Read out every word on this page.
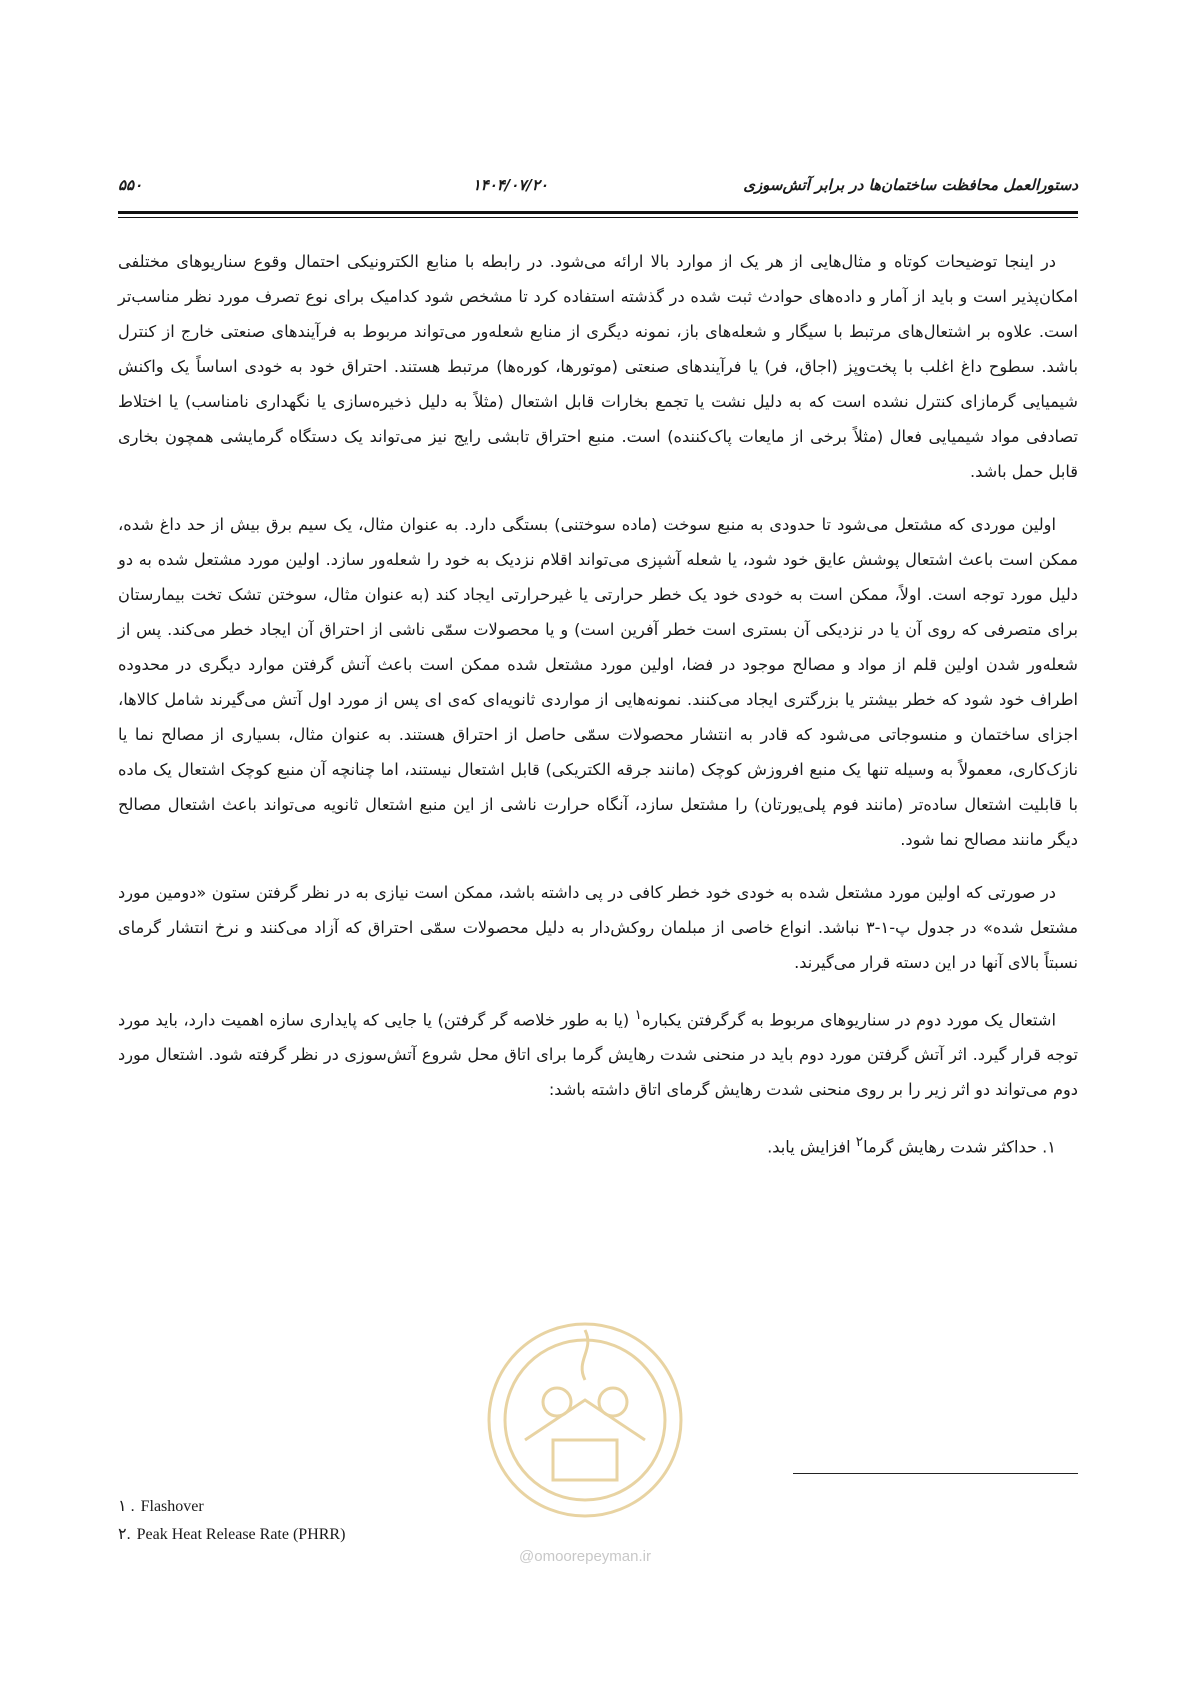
دستورالعمل محافظت ساختمان‌ها در برابر آتش‌سوزی
۱۴۰۴/۰۷/۲۰
۵۵۰

در اینجا توضیحات کوتاه و مثال‌هایی از هر یک از موارد بالا ارائه می‌شود. در رابطه با منابع الکترونیکی احتمال وقوع سناریوهای مختلفی امکان‌پذیر است و باید از آمار و داده‌های حوادث ثبت شده در گذشته استفاده کرد تا مشخص شود کدامیک برای نوع تصرف مورد نظر مناسب‌تر است. علاوه بر اشتعال‌های مرتبط با سیگار و شعله‌های باز، نمونه دیگری از منابع شعله‌ور می‌تواند مربوط به فرآیندهای صنعتی خارج از کنترل باشد. سطوح داغ اغلب با پخت‌وپز (اجاق، فر) یا فرآیندهای صنعتی (موتورها، کوره‌ها) مرتبط هستند. احتراق خود به خودی اساساً یک واکنش شیمیایی گرمازای کنترل نشده است که به دلیل نشت یا تجمع بخارات قابل اشتعال (مثلاً به دلیل ذخیره‌سازی یا نگهداری نامناسب) یا اختلاط تصادفی مواد شیمیایی فعال (مثلاً برخی از مایعات پاک‌کننده) است. منبع احتراق تابشی رایج نیز می‌تواند یک دستگاه گرمایشی همچون بخاری قابل حمل باشد.

اولین موردی که مشتعل می‌شود تا حدودی به منبع سوخت (ماده سوختنی) بستگی دارد. به عنوان مثال، یک سیم برق بیش از حد داغ شده، ممکن است باعث اشتعال پوشش عایق خود شود، یا شعله آشپزی می‌تواند اقلام نزدیک به خود را شعله‌ور سازد. اولین مورد مشتعل شده به دو دلیل مورد توجه است. اولاً، ممکن است به خودی خود یک خطر حرارتی یا غیرحرارتی ایجاد کند (به عنوان مثال، سوختن تشک تخت بیمارستان برای متصرفی که روی آن یا در نزدیکی آن بستری است خطر آفرین است) و یا محصولات سمّی ناشی از احتراق آن ایجاد خطر می‌کند. پس از شعله‌ور شدن اولین قلم از مواد و مصالح موجود در فضا، اولین مورد مشتعل شده ممکن است باعث آتش گرفتن موارد دیگری در محدوده اطراف خود شود که خطر بیشتر یا بزرگتری ایجاد می‌کنند. نمونه‌هایی از مواردی ثانویه‌ای که‌ی ای پس از مورد اول آتش می‌گیرند شامل کالاها، اجزای ساختمان و منسوجاتی می‌شود که قادر به انتشار محصولات سمّی حاصل از احتراق هستند. به عنوان مثال، بسیاری از مصالح نما یا نازک‌کاری، معمولاً به وسیله تنها یک منبع افروزش کوچک (مانند جرقه الکتریکی) قابل اشتعال نیستند، اما چنانچه آن منبع کوچک اشتعال یک ماده با قابلیت اشتعال ساده‌تر (مانند فوم پلی‌یورتان) را مشتعل سازد، آنگاه حرارت ناشی از این منبع اشتعال ثانویه می‌تواند باعث اشتعال مصالح دیگر مانند مصالح نما شود.

در صورتی که اولین مورد مشتعل شده به خودی خود خطر کافی در پی داشته باشد، ممکن است نیازی به در نظر گرفتن ستون «دومین مورد مشتعل شده» در جدول پ-۱-۳ نباشد. انواع خاصی از مبلمان روکش‌دار به دلیل محصولات سمّی احتراق که آزاد می‌کنند و نرخ انتشار گرمای نسبتاً بالای آنها در این دسته قرار می‌گیرند.

اشتعال یک مورد دوم در سناریوهای مربوط به گرگرفتن یکباره$^۱$ (یا به طور خلاصه گر گرفتن) یا جایی که پایداری سازه اهمیت دارد، باید مورد توجه قرار گیرد. اثر آتش گرفتن مورد دوم باید در منحنی شدت رهایش گرما برای اتاق محل شروع آتش‌سوزی در نظر گرفته شود. اشتعال مورد دوم می‌تواند دو اثر زیر را بر روی منحنی شدت رهایش گرمای اتاق داشته باشد:

۱. حداکثر شدت رهایش گرما$^۲$ افزایش یابد.
@omoorepeyman.ir
۱ . Flashover
۲. Peak Heat Release Rate (PHRR)
